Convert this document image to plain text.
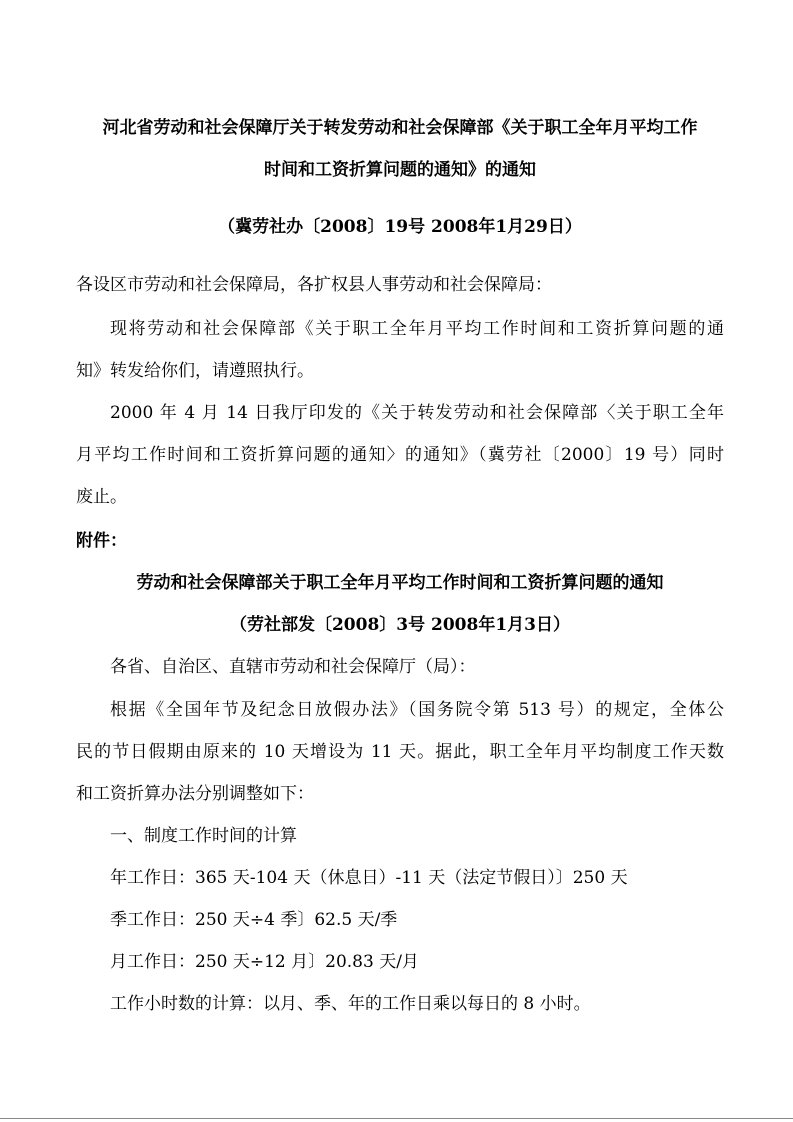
河北省劳动和社会保障厅关于转发劳动和社会保障部《关于职工全年月平均工作
时间和工资折算问题的通知》的通知
（冀劳社办〔2008〕19号 2008年1月29日）
各设区市劳动和社会保障局，各扩权县人事劳动和社会保障局：
现将劳动和社会保障部《关于职工全年月平均工作时间和工资折算问题的通
知》转发给你们，请遵照执行。
2000 年 4 月 14 日我厅印发的《关于转发劳动和社会保障部〈关于职工全年
月平均工作时间和工资折算问题的通知〉的通知》（冀劳社〔2000〕19 号）同时
废止。
附件：
劳动和社会保障部关于职工全年月平均工作时间和工资折算问题的通知
（劳社部发〔2008〕3号 2008年1月3日）
各省、自治区、直辖市劳动和社会保障厅（局）：
根据《全国年节及纪念日放假办法》（国务院令第 513 号）的规定，全体公
民的节日假期由原来的 10 天增设为 11 天。据此，职工全年月平均制度工作天数
和工资折算办法分别调整如下：
一、制度工作时间的计算
年工作日：365 天-104 天（休息日）-11 天（法定节假日）〕250 天
季工作日：250 天÷4 季〕62.5 天/季
月工作日：250 天÷12 月〕20.83 天/月
工作小时数的计算：以月、季、年的工作日乘以每日的 8 小时。
